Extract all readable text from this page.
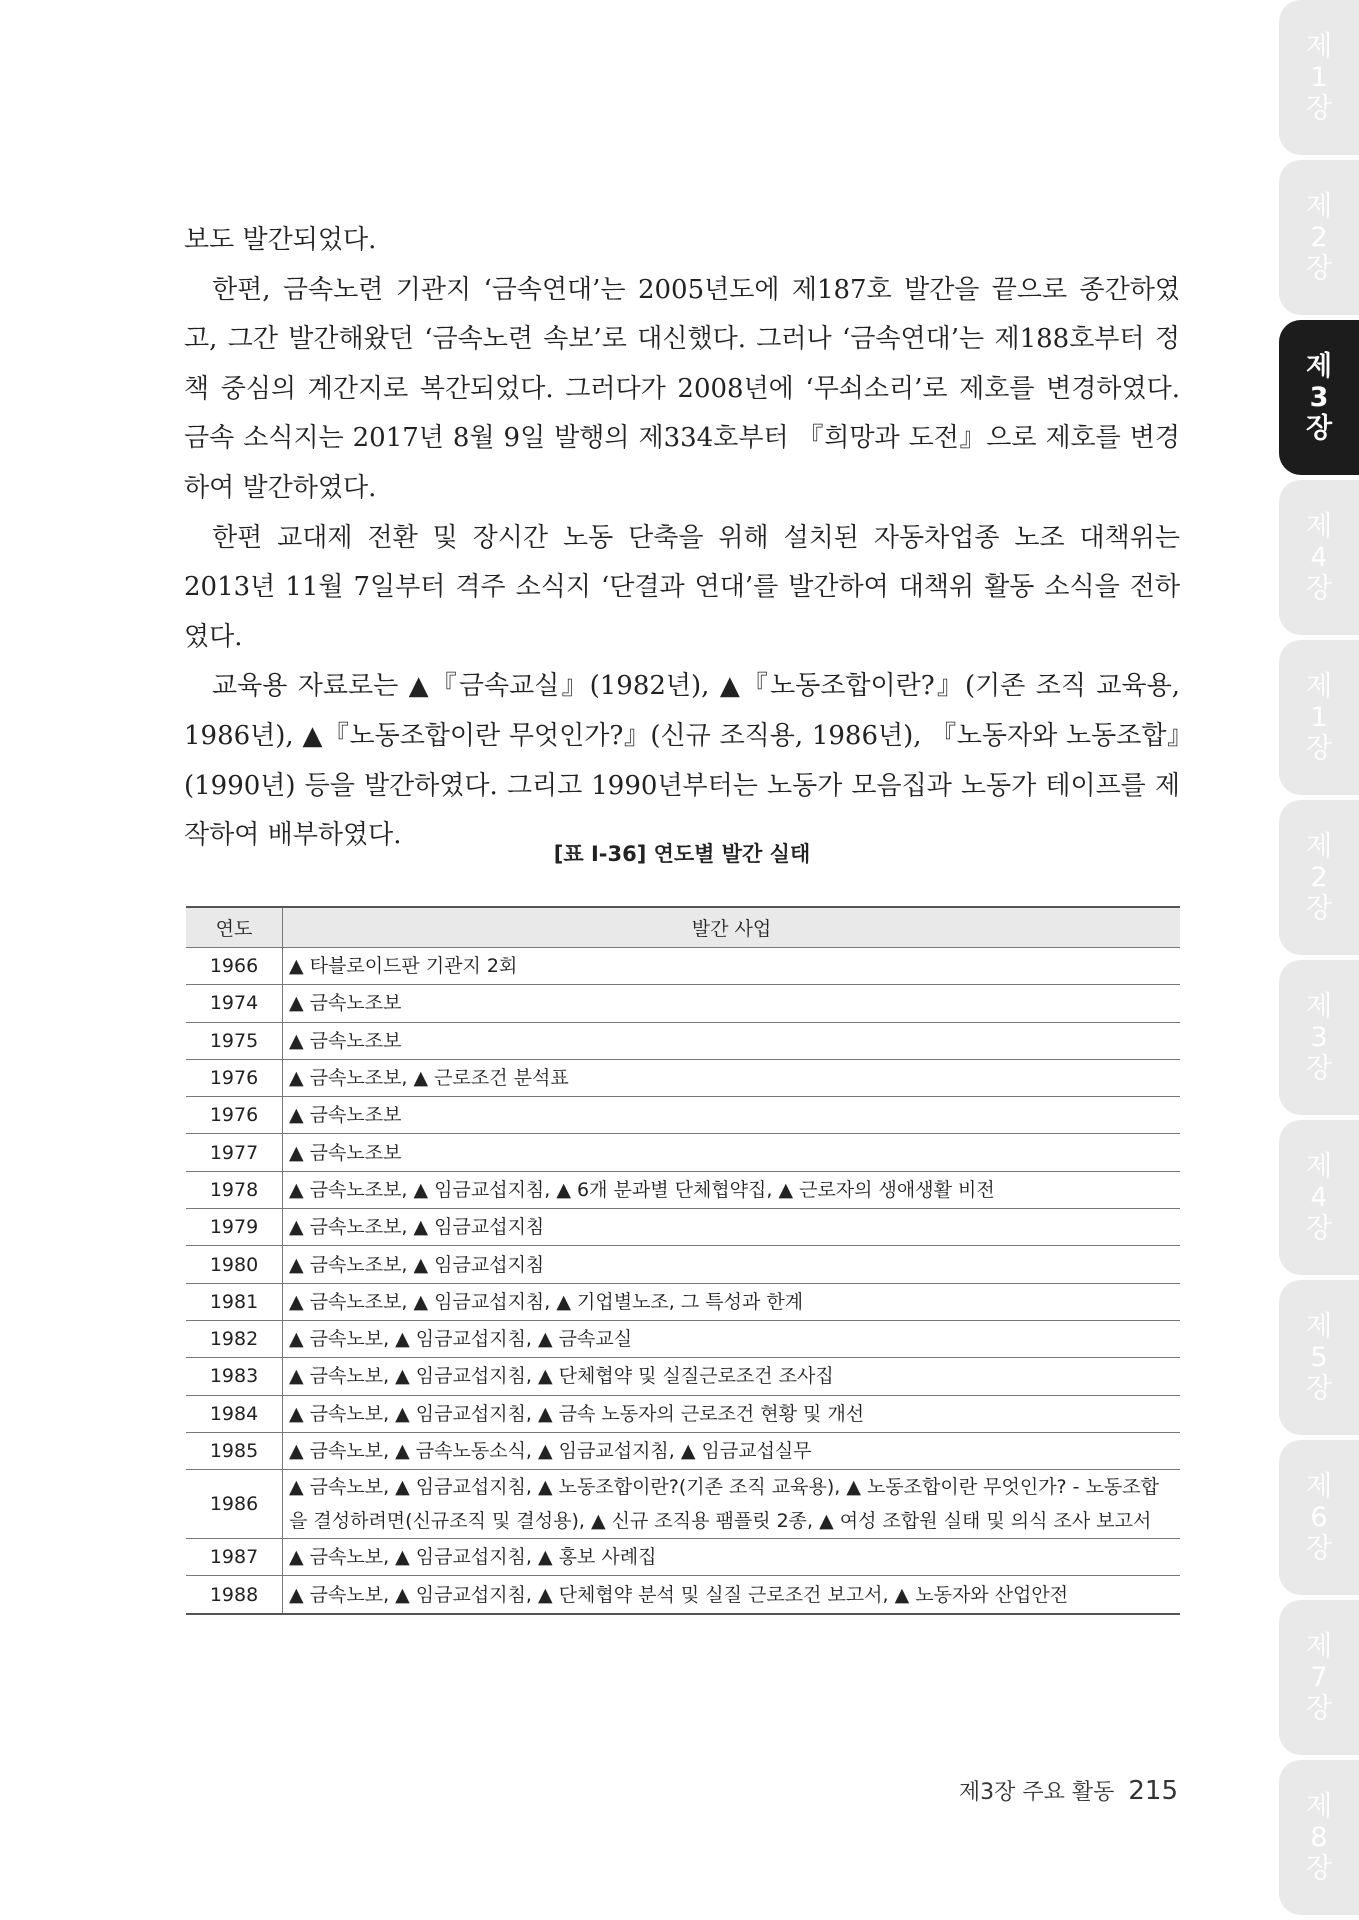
보도 발간되었다.

한편, 금속노련 기관지 ‘금속연대’는 2005년도에 제187호 발간을 끝으로 종간하였고, 그간 발간해왔던 ‘금속노련 속보’로 대신했다. 그러나 ‘금속연대’는 제188호부터 정책 중심의 계간지로 복간되었다. 그러다가 2008년에 ‘무쇠소리’로 제호를 변경하였다. 금속 소식지는 2017년 8월 9일 발행의 제334호부터 『희망과 도전』으로 제호를 변경하여 발간하였다.

한편 교대제 전환 및 장시간 노동 단축을 위해 설치된 자동차업종 노조 대책위는 2013년 11월 7일부터 격주 소식지 ‘단결과 연대’를 발간하여 대책위 활동 소식을 전하였다.

교육용 자료로는 ▲『금속교실』(1982년), ▲『노동조합이란?』(기존 조직 교육용, 1986년), ▲『노동조합이란 무엇인가?』(신규 조직용, 1986년), 『노동자와 노동조합』(1990년) 등을 발간하였다. 그리고 1990년부터는 노동가 모음집과 노동가 테이프를 제작하여 배부하였다.

[표 Ⅰ-36] 연도별 발간 실태
연도	발간 사업
1966	▲ 타블로이드판 기관지 2회
1974	▲ 금속노조보
1975	▲ 금속노조보
1976	▲ 금속노조보, ▲ 근로조건 분석표
1976	▲ 금속노조보
1977	▲ 금속노조보
1978	▲ 금속노조보, ▲ 임금교섭지침, ▲ 6개 분과별 단체협약집, ▲ 근로자의 생애생활 비전
1979	▲ 금속노조보, ▲ 임금교섭지침
1980	▲ 금속노조보, ▲ 임금교섭지침
1981	▲ 금속노조보, ▲ 임금교섭지침, ▲ 기업별노조, 그 특성과 한계
1982	▲ 금속노보, ▲ 임금교섭지침, ▲ 금속교실
1983	▲ 금속노보, ▲ 임금교섭지침, ▲ 단체협약 및 실질근로조건 조사집
1984	▲ 금속노보, ▲ 임금교섭지침, ▲ 금속 노동자의 근로조건 현황 및 개선
1985	▲ 금속노보, ▲ 금속노동소식, ▲ 임금교섭지침, ▲ 임금교섭실무
1986	▲ 금속노보, ▲ 임금교섭지침, ▲ 노동조합이란?(기존 조직 교육용), ▲ 노동조합이란 무엇인가? - 노동조합을 결성하려면(신규조직 및 결성용), ▲ 신규 조직용 팸플릿 2종, ▲ 여성 조합원 실태 및 의식 조사 보고서
1987	▲ 금속노보, ▲ 임금교섭지침, ▲ 홍보 사례집
1988	▲ 금속노보, ▲ 임금교섭지침, ▲ 단체협약 분석 및 실질 근로조건 보고서, ▲ 노동자와 산업안전
제3장 주요 활동 215
제
1
장
제
2
장
제
3
장
제
4
장
제
1
장
제
2
장
제
3
장
제
4
장
제
5
장
제
6
장
제
7
장
제
8
장
